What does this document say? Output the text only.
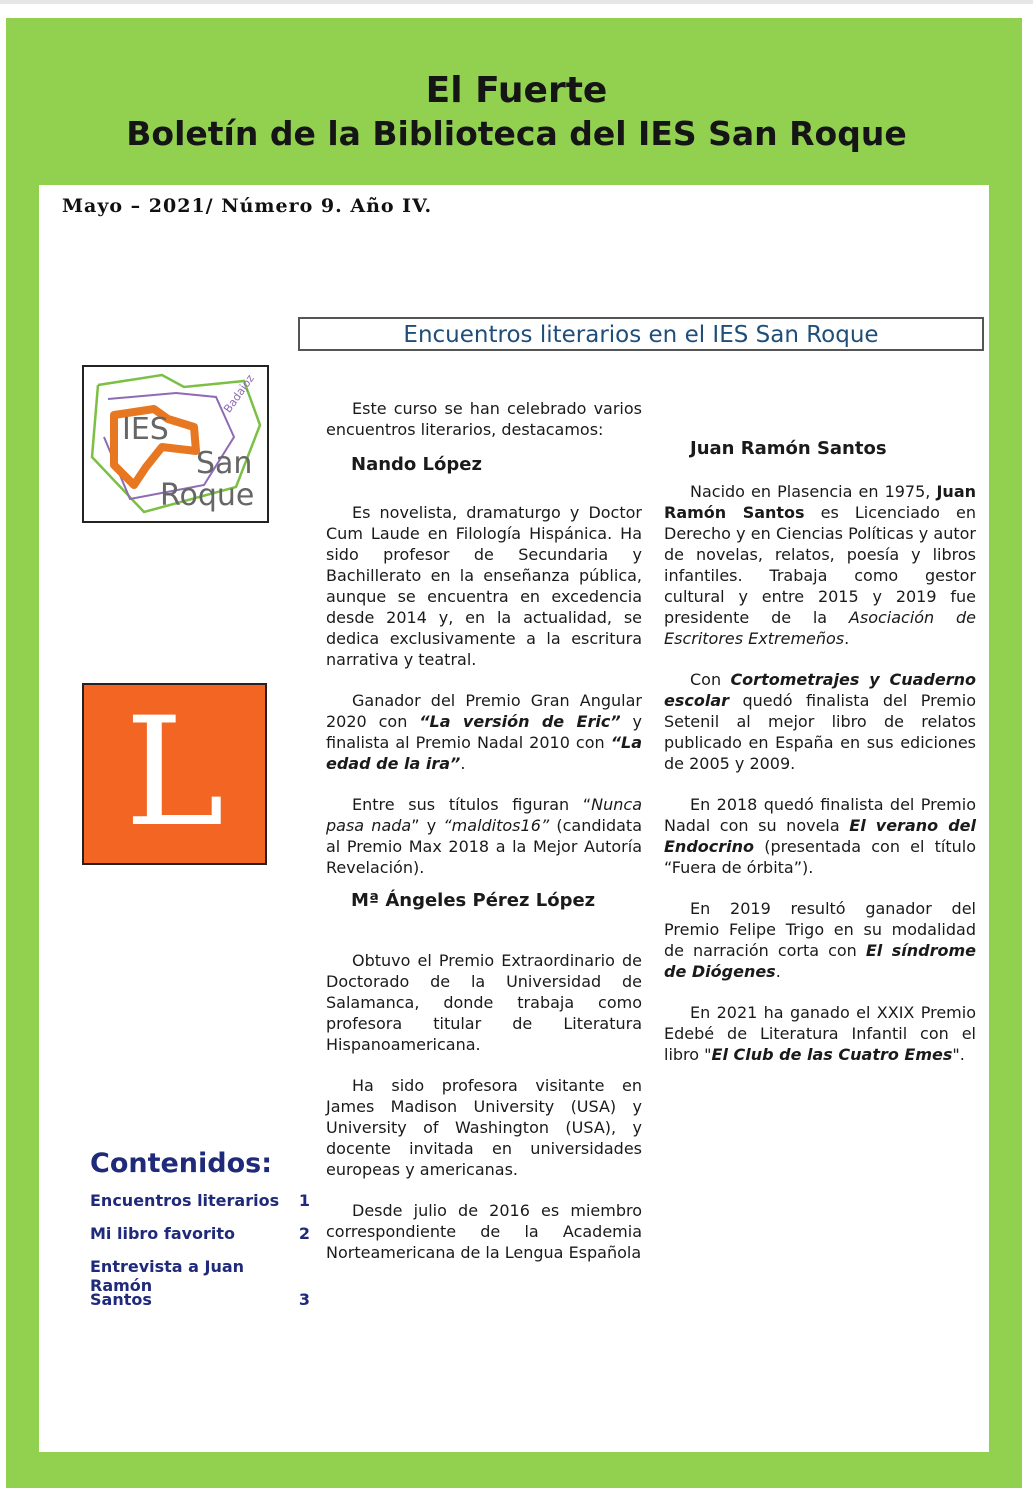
El Fuerte
Boletín de la Biblioteca del IES San Roque
Mayo – 2021/ Número 9. Año IV.
Encuentros literarios en el IES San Roque
IES
San
Roque
Badajoz
L

Este curso se han celebrado varios encuentros literarios, destacamos:

Nando López

Es novelista, dramaturgo y Doctor Cum Laude en Filología Hispánica. Ha sido profesor de Secundaria y Bachillerato en la enseñanza pública, aunque se encuentra en excedencia desde 2014 y, en la actualidad, se dedica exclusivamente a la escritura narrativa y teatral.

Ganador del Premio Gran Angular 2020 con “La versión de Eric” y finalista al Premio Nadal 2010 con “La edad de la ira”.

Entre sus títulos figuran “Nunca pasa nada” y “malditos16” (candidata al Premio Max 2018 a la Mejor Autoría Revelación).

Mª Ángeles Pérez López

Obtuvo el Premio Extraordinario de Doctorado de la Universidad de Salamanca, donde trabaja como profesora titular de Literatura Hispanoamericana.

Ha sido profesora visitante en James Madison University (USA) y University of Washington (USA), y docente invitada en universidades europeas y americanas.

Desde julio de 2016 es miembro correspondiente de la Academia Norteamericana de la Lengua Española

Juan Ramón Santos

Nacido en Plasencia en 1975, Juan Ramón Santos es Licenciado en Derecho y en Ciencias Políticas y autor de novelas, relatos, poesía y libros infantiles. Trabaja como gestor cultural y entre 2015 y 2019 fue presidente de la Asociación de Escritores Extremeños.

Con Cortometrajes y Cuaderno escolar quedó finalista del Premio Setenil al mejor libro de relatos publicado en España en sus ediciones de 2005 y 2009.

En 2018 quedó finalista del Premio Nadal con su novela El verano del Endocrino (presentada con el título “Fuera de órbita”).

En 2019 resultó ganador del Premio Felipe Trigo en su modalidad de narración corta con El síndrome de Diógenes.

En 2021 ha ganado el XXIX Premio Edebé de Literatura Infantil con el libro "El Club de las Cuatro Emes".

Contenidos:
Encuentros literarios 1
Mi libro favorito	2
Entrevista a Juan Ramón
Santos	3
